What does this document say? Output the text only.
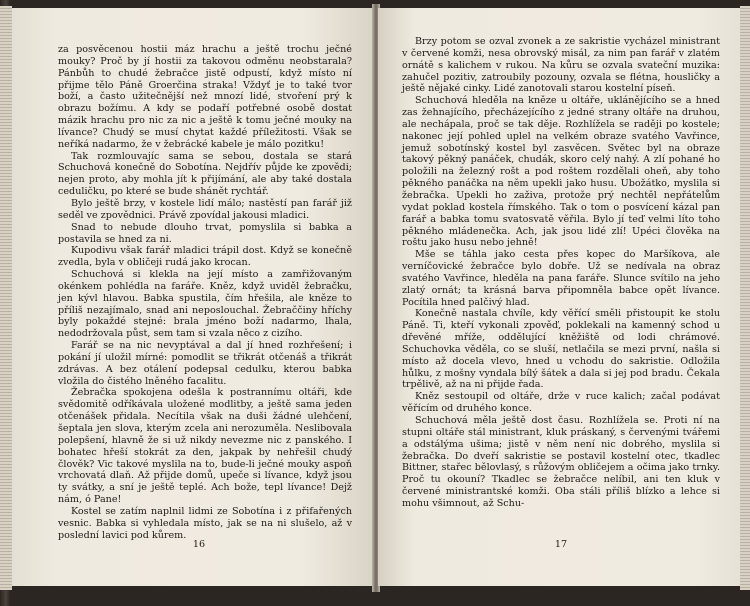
za posvěcenou hostii máz hrachu a ještě trochu ječné mouky? Proč by jí hostii za takovou odměnu neobstarala? Pánbůh to chudé žebračce jistě odpustí, když místo ní přijme tělo Páně Groerčina straka! Vždyť je to také tvor boží, a často užitečnější než mnozí lidé, stvoření prý k obrazu božímu. A kdy se podaří potřebné osobě dostat mázik hrachu pro nic za nic a ještě k tomu ječné mouky na lívance? Chudý se musí chytat každé příležitosti. Však se neříká nadarmo, že v žebrácké kabele je málo pozitku!

Tak rozmlouvajíc sama se sebou, dostala se stará Schuchová konečně do Sobotína. Nejdřív půjde ke zpovědi; nejen proto, aby mohla jít k přijímání, ale aby také dostala ceduličku, po které se bude shánět rychtář.

Bylo ještě brzy, v kostele lidí málo; nastěstí pan farář již seděl ve zpovědnici. Právě zpovídal jakousi mladici.

Snad to nebude dlouho trvat, pomyslila si babka a postavila se hned za ni.

Kupodivu však farář mladici trápil dost. Když se konečně zvedla, byla v obličeji rudá jako krocan.

Schuchová si klekla na její místo a zamřižovaným okénkem pohlédla na faráře. Kněz, když uviděl žebračku, jen kývl hlavou. Babka spustila, čím hřešila, ale kněze to příliš nezajímalo, snad ani neposlouchal. Žebraččiny hříchy byly pokaždé stejné: brala jméno boží nadarmo, lhala, nedodržovala půst, sem tam si vzala něco z cizího.

Farář se na nic nevyptával a dal jí hned rozhřešení; i pokání jí uložil mírné: pomodlit se třikrát otčenáš a třikrát zdrávas. A bez otálení podepsal cedulku, kterou babka vložila do čistého lněného facalitu.

Žebračka spokojena odešla k postrannímu oltáři, kde svědomitě odříkávala uložené modlitby, a ještě sama jeden otčenášek přidala. Necítila však na duši žádné ulehčení, šeptala jen slova, kterým zcela ani nerozuměla. Neslibovala polepšení, hlavně že si už nikdy nevezme nic z panského. I bohatec hřeší stokrát za den, jakpak by nehřešil chudý člověk? Vic takové myslila na to, bude-li ječné mouky aspoň vrchovatá dlaň. Až přijde domů, upeče si lívance, když jsou ty svátky, a sní je ještě teplé. Ach bože, tepl lívance! Dejž nám, ó Pane!

Kostel se zatím naplnil lidmi ze Sobotína i z přifařených vesnic. Babka si vyhledala místo, jak se na ni slušelo, až v poslední lavici pod kůrem.

16

Brzy potom se ozval zvonek a ze sakristie vycházel ministrant v červené komži, nesa obrovský misál, za nim pan farář v zlatém ornátě s kalichem v rukou. Na kůru se ozvala svateční muzika: zahučel pozitiv, zatroubily pozouny, ozvala se flétna, housličky a ještě nějaké cinky. Lidé zanotovali starou kostelní píseň.

Schuchová hleděla na kněze u oltáře, uklánějícího se a hned zas žehnajícího, přecházejícího z jedné strany oltáře na druhou, ale nechápala, proč se tak děje. Rozhlížela se raději po kostele; nakonec její pohled uplel na velkém obraze svatého Vavřince, jemuž sobotínský kostel byl zasvěcen. Světec byl na obraze takový pěkný panáček, chudák, skoro celý nahý. A zlí pohané ho položili na železný rošt a pod roštem rozdělali oheň, aby toho pěkného panáčka na něm upekli jako husu. Ubožátko, myslila si žebračka. Upekli ho zaživa, protože prý nechtěl nepřátelům vydat poklad kostela římského. Tak o tom o posvícení kázal pan farář a babka tomu svatosvatě věřila. Bylo jí teď velmi líto toho pěkného mládenečka. Ach, jak jsou lidé zlí! Upéci člověka na roštu jako husu nebo jehně!

Mše se táhla jako cesta přes kopec do Maršíkova, ale verníčovické žebračce bylo dobře. Už se nedívala na obraz svatého Vavřince, hleděla na pana faráře. Slunce svítilo na jeho zlatý ornát; ta krásná barva připomněla babce opět lívance. Pocítila hned palčivý hlad.

Konečně nastala chvíle, kdy věřící směli přistoupit ke stolu Páně. Ti, kteří vykonali zpověď, poklekali na kamenný schod u dřevěné mříže, oddělující kněžiště od lodi chrámové. Schuchovka věděla, co se sluší, netlačila se mezi první, našla si místo až docela vlevo, hned u vchodu do sakristie. Odložila hůlku, z mošny vyndala bílý šátek a dala si jej pod bradu. Čekala trpělivě, až na ni přijde řada.

Kněz sestoupil od oltáře, drže v ruce kalich; začal podávat věřícím od druhého konce.

Schuchová měla ještě dost času. Rozhlížela se. Proti ní na stupni oltáře stál ministrant, kluk práskaný, s červenými tvářemi a odstálýma ušima; jistě v něm není nic dobrého, myslila si žebračka. Do dveří sakristie se postavil kostelní otec, tkadlec Bittner, stařec bělovlasý, s růžovým obličejem a očima jako trnky. Proč tu okouní? Tkadlec se žebračce nelíbil, ani ten kluk v červené ministrantské komži. Oba stáli příliš blízko a lehce si mohu všimnout, až Schu-

17
